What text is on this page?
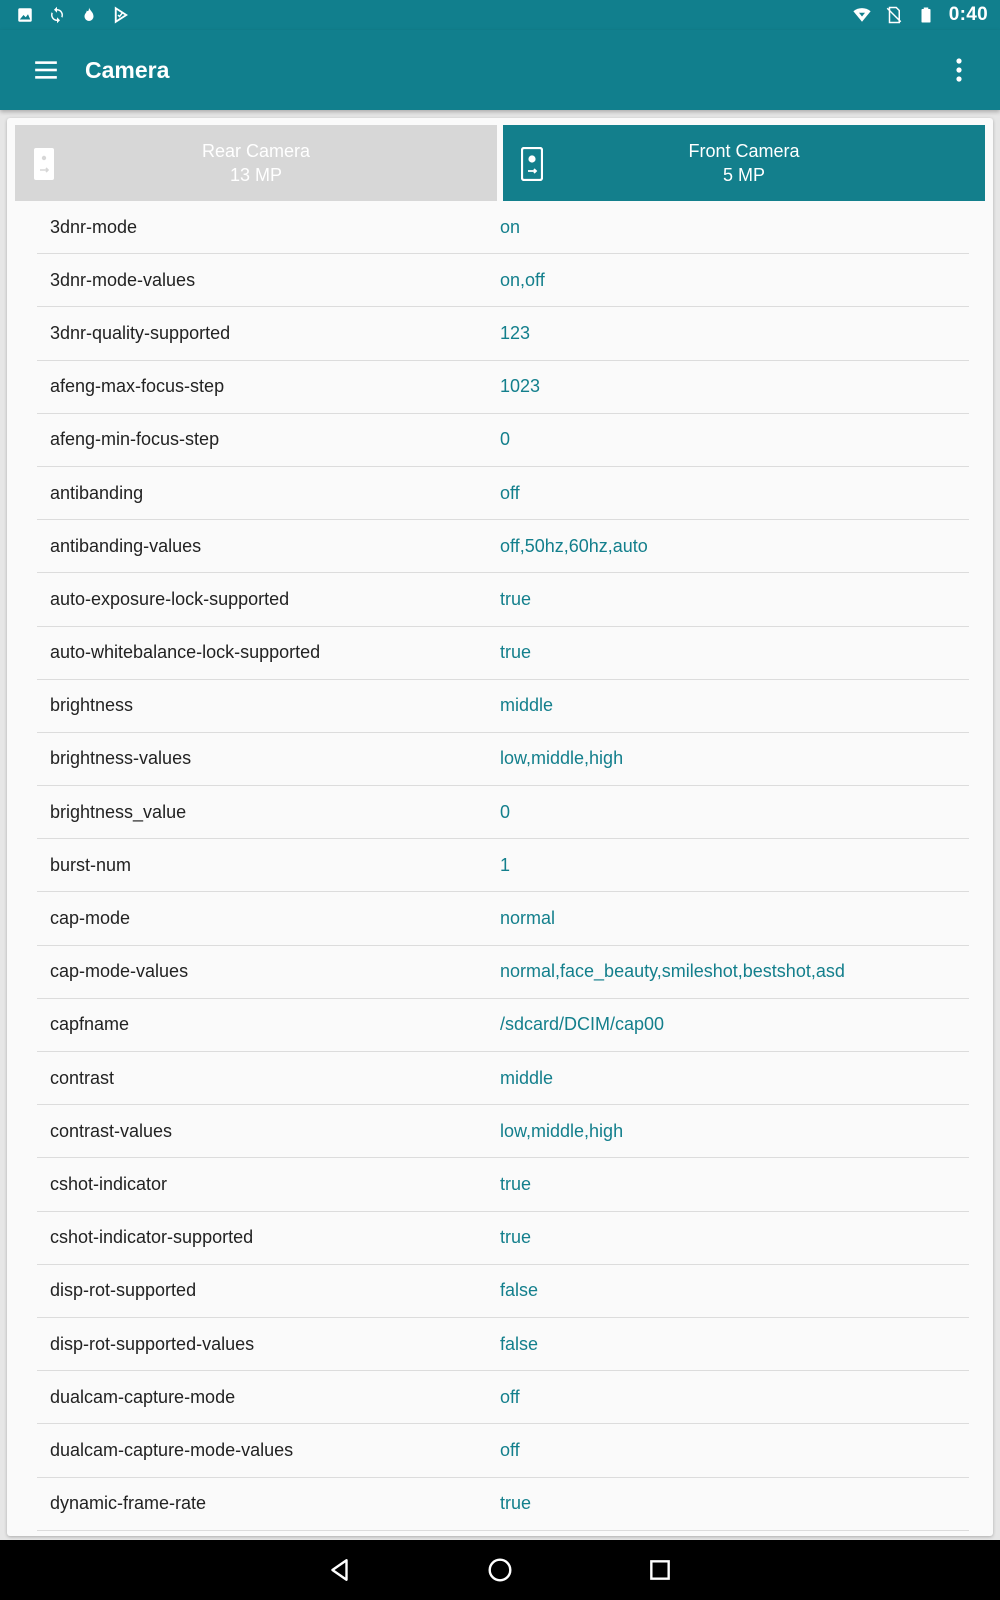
0:40
Camera
Rear Camera
13 MP
Front Camera
5 MP
3dnr-mode	on
3dnr-mode-values	on,off
3dnr-quality-supported	123
afeng-max-focus-step	1023
afeng-min-focus-step	0
antibanding	off
antibanding-values	off,50hz,60hz,auto
auto-exposure-lock-supported	true
auto-whitebalance-lock-supported	true
brightness	middle
brightness-values	low,middle,high
brightness_value	0
burst-num	1
cap-mode	normal
cap-mode-values	normal,face_beauty,smileshot,bestshot,asd
capfname	/sdcard/DCIM/cap00
contrast	middle
contrast-values	low,middle,high
cshot-indicator	true
cshot-indicator-supported	true
disp-rot-supported	false
disp-rot-supported-values	false
dualcam-capture-mode	off
dualcam-capture-mode-values	off
dynamic-frame-rate	true
